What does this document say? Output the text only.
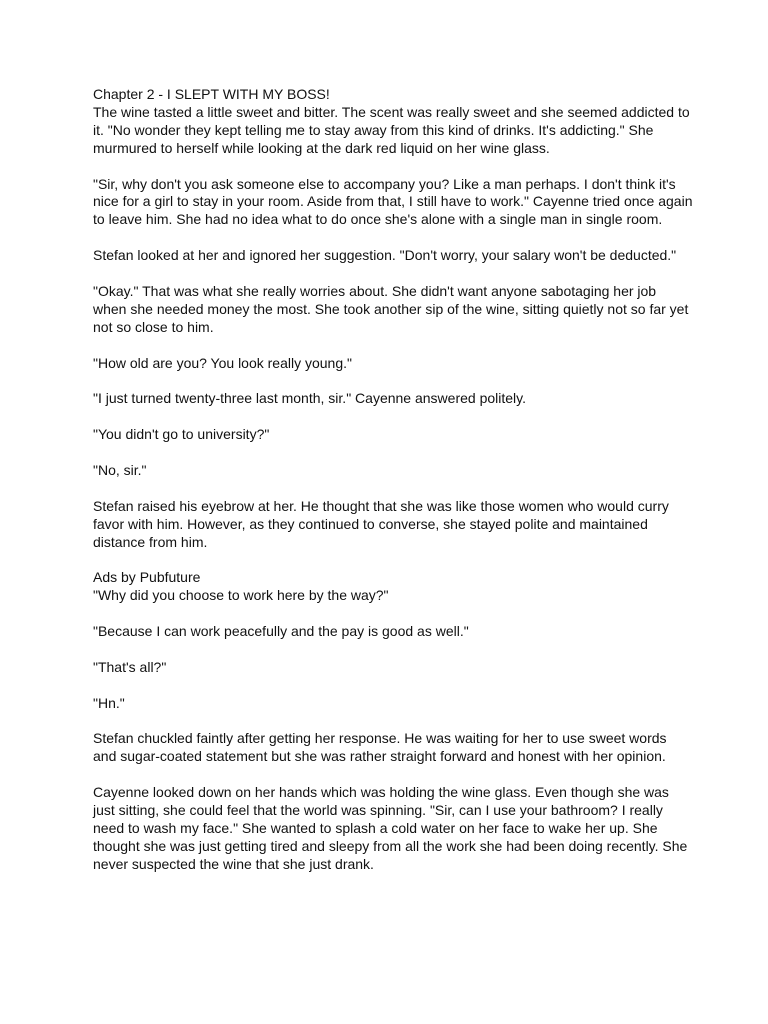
Chapter 2 - I SLEPT WITH MY BOSS!

The wine tasted a little sweet and bitter. The scent was really sweet and she seemed addicted to it. "No wonder they kept telling me to stay away from this kind of drinks. It's addicting." She murmured to herself while looking at the dark red liquid on her wine glass.

"Sir, why don't you ask someone else to accompany you? Like a man perhaps. I don't think it's nice for a girl to stay in your room. Aside from that, I still have to work." Cayenne tried once again to leave him. She had no idea what to do once she's alone with a single man in single room.

Stefan looked at her and ignored her suggestion. "Don't worry, your salary won't be deducted."

"Okay." That was what she really worries about. She didn't want anyone sabotaging her job when she needed money the most. She took another sip of the wine, sitting quietly not so far yet not so close to him.

"How old are you? You look really young."

"I just turned twenty-three last month, sir." Cayenne answered politely.

"You didn't go to university?"

"No, sir."

Stefan raised his eyebrow at her. He thought that she was like those women who would curry favor with him. However, as they continued to converse, she stayed polite and maintained distance from him.

Ads by Pubfuture

"Why did you choose to work here by the way?"

"Because I can work peacefully and the pay is good as well."

"That's all?"

"Hn."

Stefan chuckled faintly after getting her response. He was waiting for her to use sweet words and sugar-coated statement but she was rather straight forward and honest with her opinion.

Cayenne looked down on her hands which was holding the wine glass. Even though she was just sitting, she could feel that the world was spinning. "Sir, can I use your bathroom? I really need to wash my face." She wanted to splash a cold water on her face to wake her up. She thought she was just getting tired and sleepy from all the work she had been doing recently. She never suspected the wine that she just drank.
